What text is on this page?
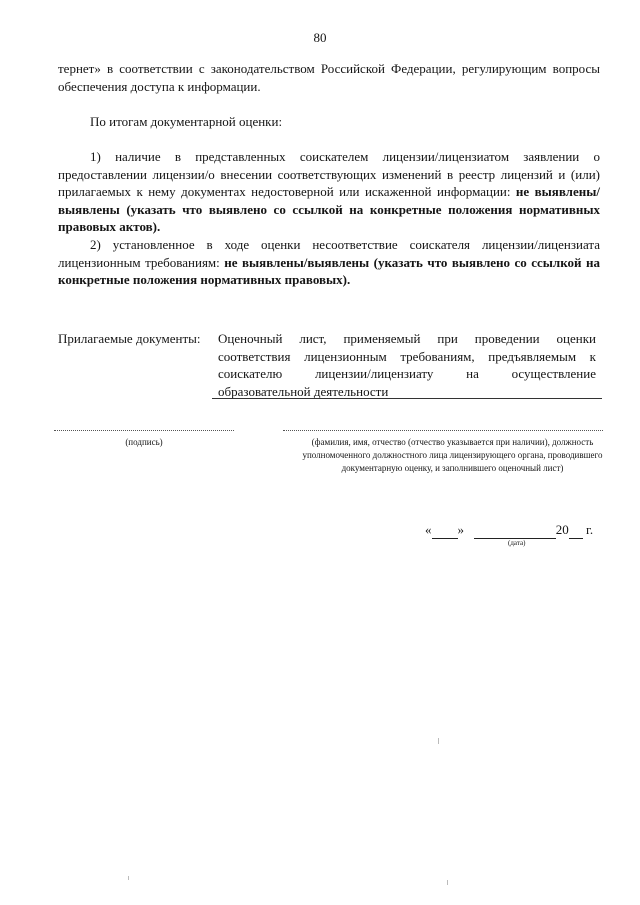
80
тернет» в соответствии с законодательством Российской Федерации, регулирующим вопросы обеспечения доступа к информации.
По итогам документарной оценки:
1) наличие в представленных соискателем лицензии/лицензиатом заявлении о предоставлении лицензии/о внесении соответствующих изменений в реестр лицензий и (или) прилагаемых к нему документах недостоверной или искаженной информации: не выявлены/выявлены (указать что выявлено со ссылкой на конкретные положения нормативных правовых актов).
2) установленное в ходе оценки несоответствие соискателя лицензии/лицензиата лицензионным требованиям: не выявлены/выявлены (указать что выявлено со ссылкой на конкретные положения нормативных правовых).
Прилагаемые документы: Оценочный лист, применяемый при проведении оценки соответствия лицензионным требованиям, предъявляемым к соискателю лицензии/лицензиату на осуществление образовательной деятельности
(подпись)	(фамилия, имя, отчество (отчество указывается при наличии), должность уполномоченного должностного лица лицензирующего органа, проводившего документарную оценку, и заполнившего оценочный лист)
« »	20 г.
(дата)
